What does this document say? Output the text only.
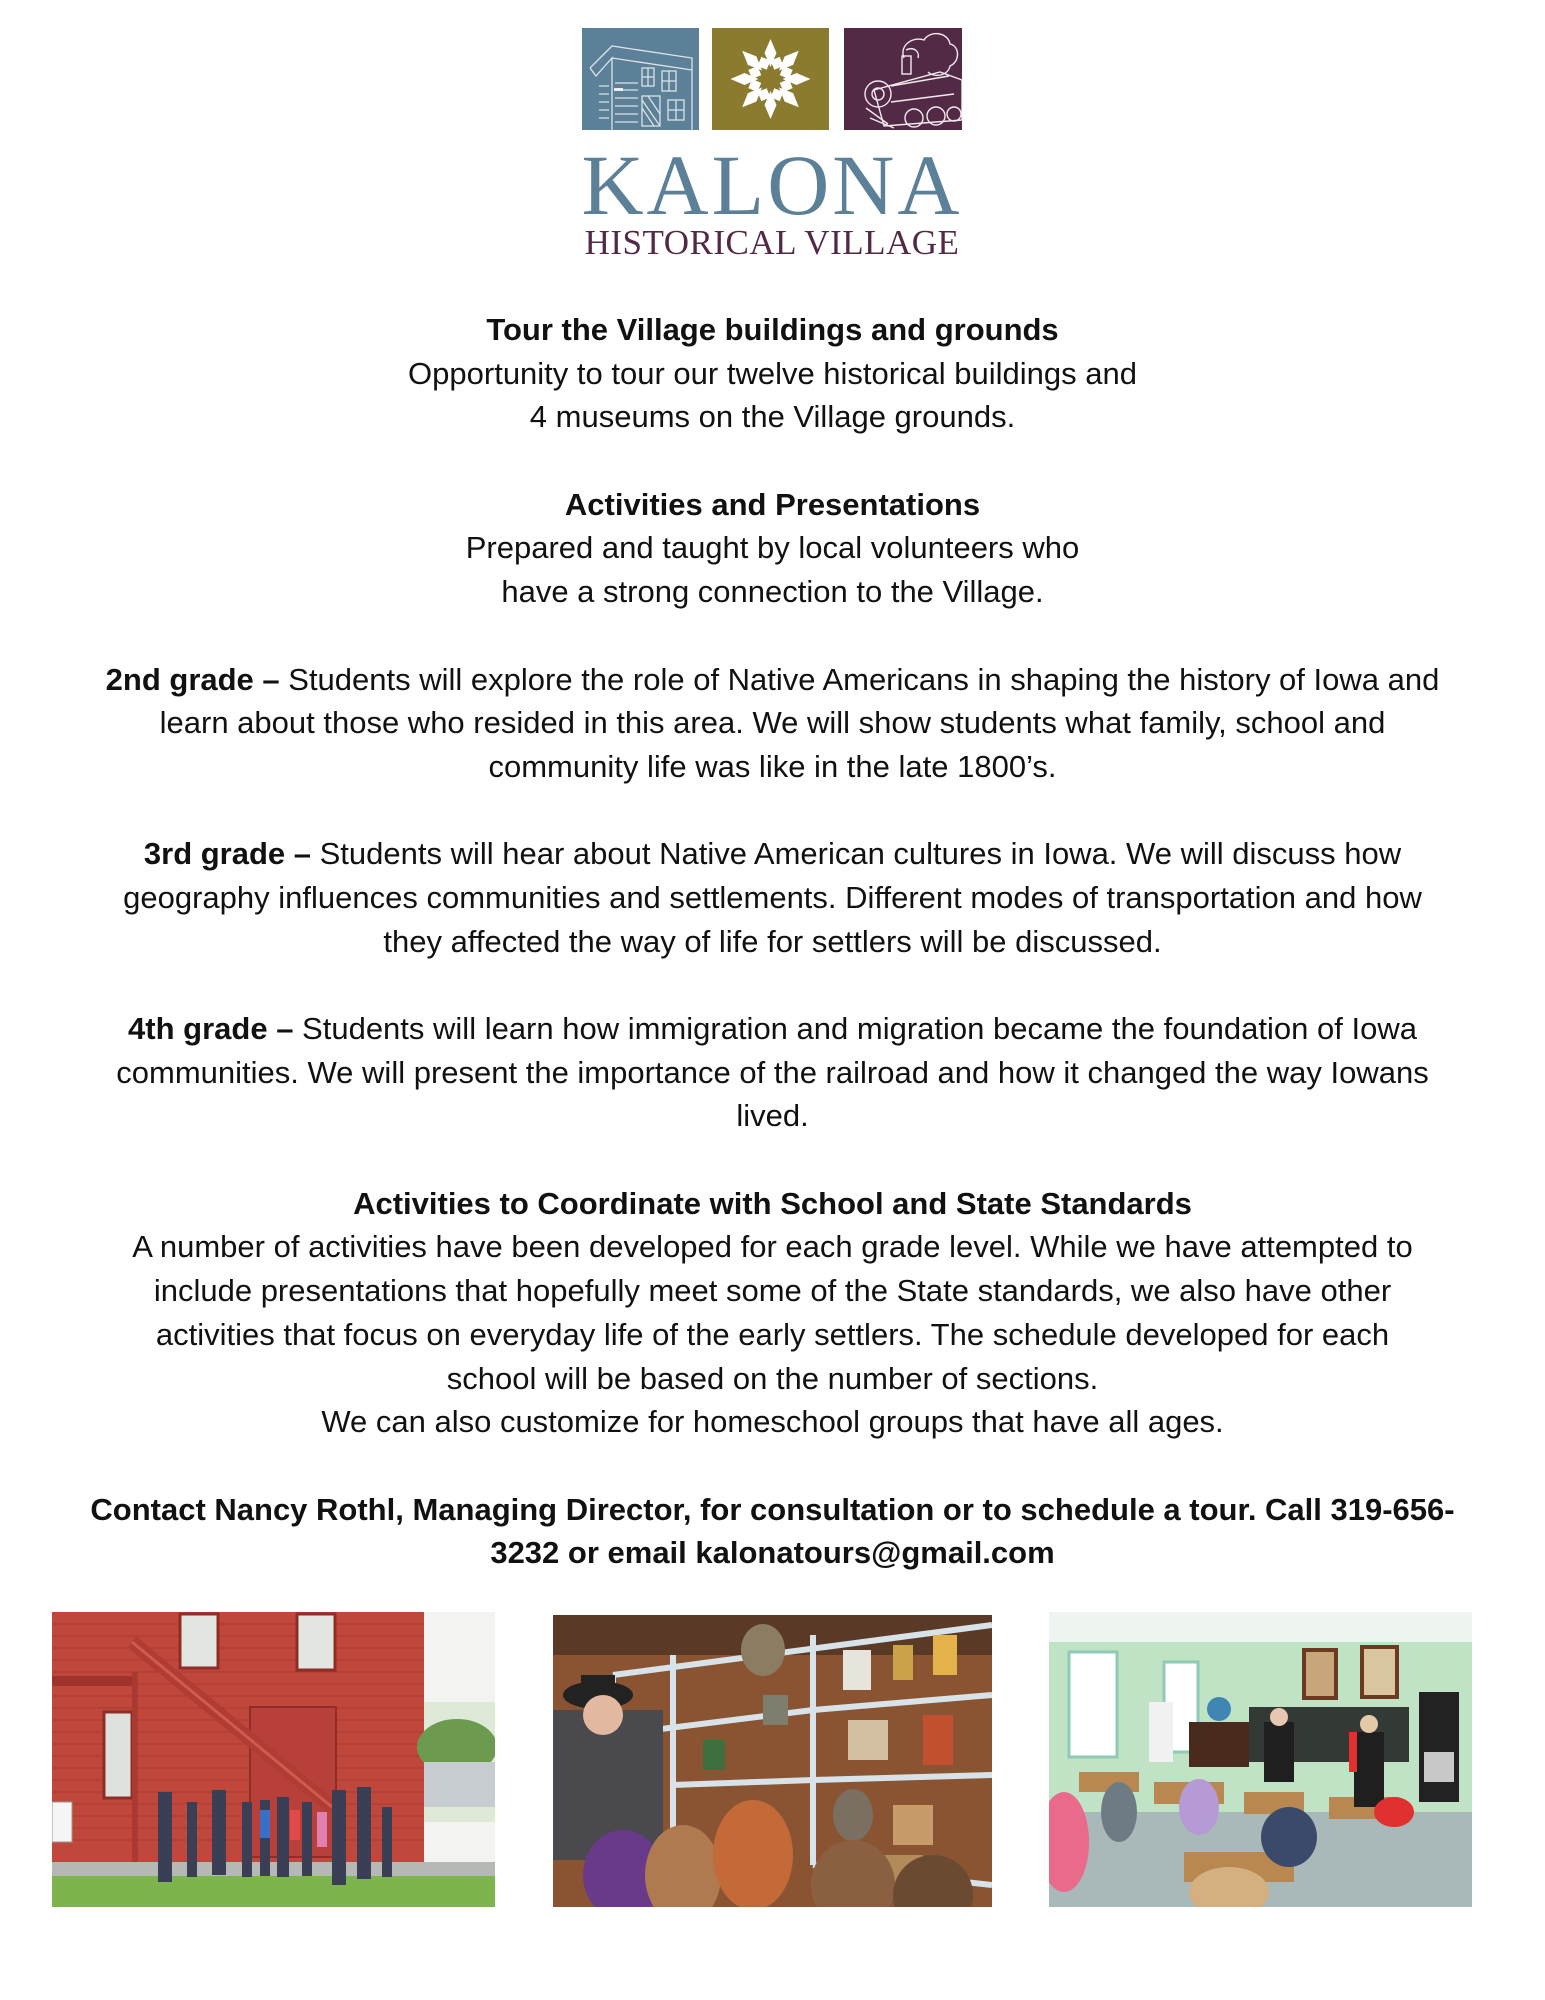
KALONA
HISTORICAL VILLAGE
Tour the Village buildings and grounds
Opportunity to tour our twelve historical buildings and
4 museums on the Village grounds.
Activities and Presentations
Prepared and taught by local volunteers who
have a strong connection to the Village.
2nd grade – Students will explore the role of Native Americans in shaping the history of Iowa and
learn about those who resided in this area. We will show students what family, school and
community life was like in the late 1800’s.
3rd grade – Students will hear about Native American cultures in Iowa. We will discuss how
geography influences communities and settlements. Different modes of transportation and how
they affected the way of life for settlers will be discussed.
4th grade – Students will learn how immigration and migration became the foundation of Iowa
communities. We will present the importance of the railroad and how it changed the way Iowans
lived.
Activities to Coordinate with School and State Standards
A number of activities have been developed for each grade level. While we have attempted to
include presentations that hopefully meet some of the State standards, we also have other
activities that focus on everyday life of the early settlers. The schedule developed for each
school will be based on the number of sections.
We can also customize for homeschool groups that have all ages.
Contact Nancy Rothl, Managing Director, for consultation or to schedule a tour. Call 319-656-
3232 or email kalonatours@gmail.com
